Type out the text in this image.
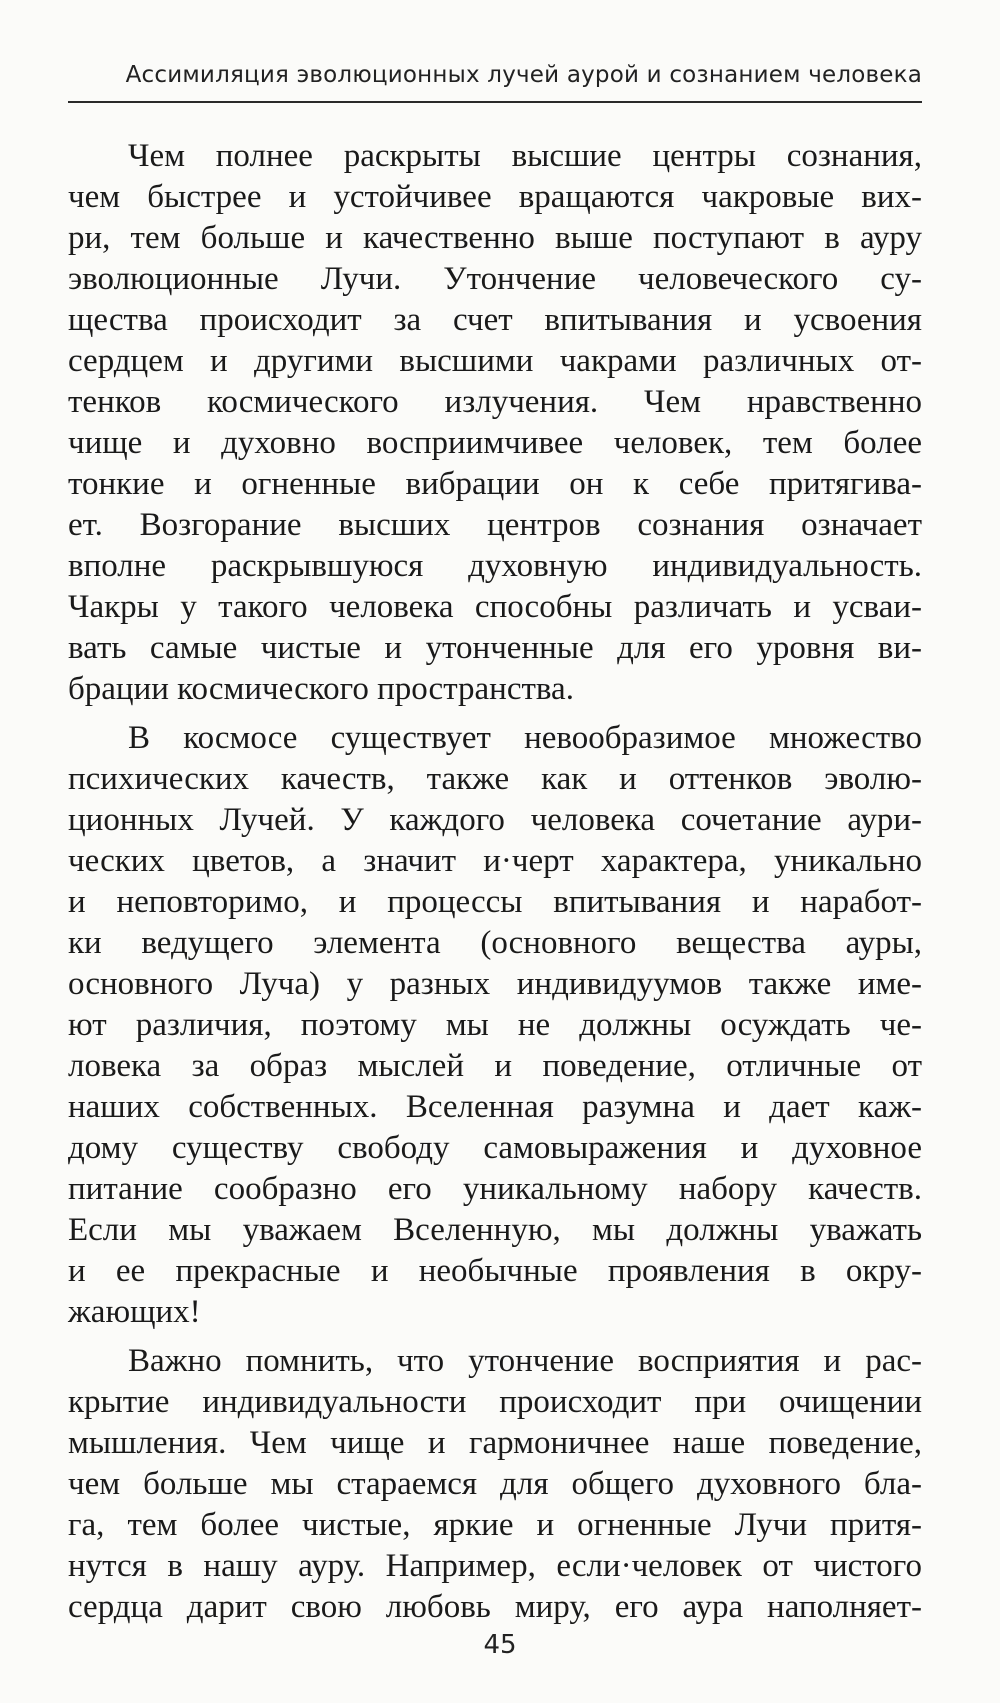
Ассимиляция эволюционных лучей аурой и сознанием человека
Чем полнее раскрыты высшие центры сознания,
чем быстрее и устойчивее вращаются чакровые вих-
ри, тем больше и качественно выше поступают в ауру
эволюционные Лучи. Утончение человеческого су-
щества происходит за счет впитывания и усвоения
сердцем и другими высшими чакрами различных от-
тенков космического излучения. Чем нравственно
чище и духовно восприимчивее человек, тем более
тонкие и огненные вибрации он к себе притягива-
ет. Возгорание высших центров сознания означает
вполне раскрывшуюся духовную индивидуальность.
Чакры у такого человека способны различать и усваи-
вать самые чистые и утонченные для его уровня ви-
брации космического пространства.
В космосе существует невообразимое множество
психических качеств, также как и оттенков эволю-
ционных Лучей. У каждого человека сочетание аури-
ческих цветов, а значит и·черт характера, уникально
и неповторимо, и процессы впитывания и наработ-
ки ведущего элемента (основного вещества ауры,
основного Луча) у разных индивидуумов также име-
ют различия, поэтому мы не должны осуждать че-
ловека за образ мыслей и поведение, отличные от
наших собственных. Вселенная разумна и дает каж-
дому существу свободу самовыражения и духовное
питание сообразно его уникальному набору качеств.
Если мы уважаем Вселенную, мы должны уважать
и ее прекрасные и необычные проявления в окру-
жающих!
Важно помнить, что утончение восприятия и рас-
крытие индивидуальности происходит при очищении
мышления. Чем чище и гармоничнее наше поведение,
чем больше мы стараемся для общего духовного бла-
га, тем более чистые, яркие и огненные Лучи притя-
нутся в нашу ауру. Например, если·человек от чистого
сердца дарит свою любовь миру, его аура наполняет-
45
